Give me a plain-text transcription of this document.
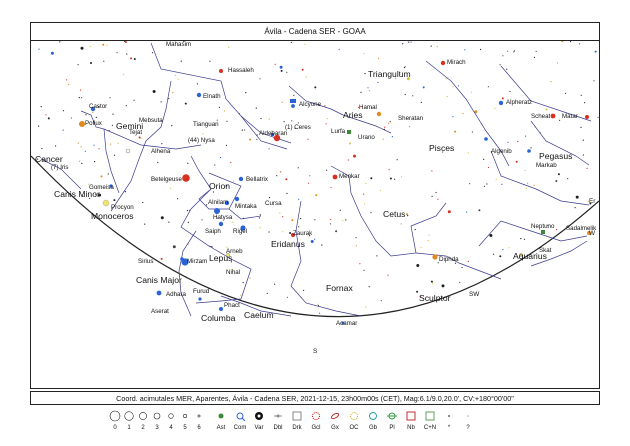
Ávila - Cadena SER - GOAA
Triangulum
Aries
Pisces
Pegasus
Cetus
Eridanus
Fornax
Sculptor
Aquarius
Orion
Monoceros
Canis Minor
Canis Major
Lepus
Columba Caelum
Gemini
Cancer
Mahasim
Hassaleh
Elnath
Alcyone
Mirach
Alpheratz
Scheat Matar
Hamal
Sheratan
Lurfa
Urano
Algenib
Markab
Castor
Pollux	Mebsuta
Tejat
Tianguan
Alhena
Aldebaran
Menkar
Gomeisa
Procyon
Betelgeuse	Bellatrix
Alnilam
Mintaka Cursa
Hatysa
Saiph Rigel	Zaurak
Neptuno Sadalmelik
Skat
Diphda
Sirius	Mirzam
Arneb
Nihal
Adhara Furud
Phact
Acamar
Aserat
(1) Ceres
(44) Nysa
(7) Iris
S
SW
Er
W
Coord. acimutales MER, Aparentes, Ávila - Cadena SER, 2021-12-15, 23h00m00s (CET), Mag:6.1/9.0,20.0', CV:+180°00'00"
0	1	2	3	4	5	6	Ast	Com	Var	Dbl	Drk	Gcl	Gx	OC	Gb	Pl	Nb	C+N	*	?
